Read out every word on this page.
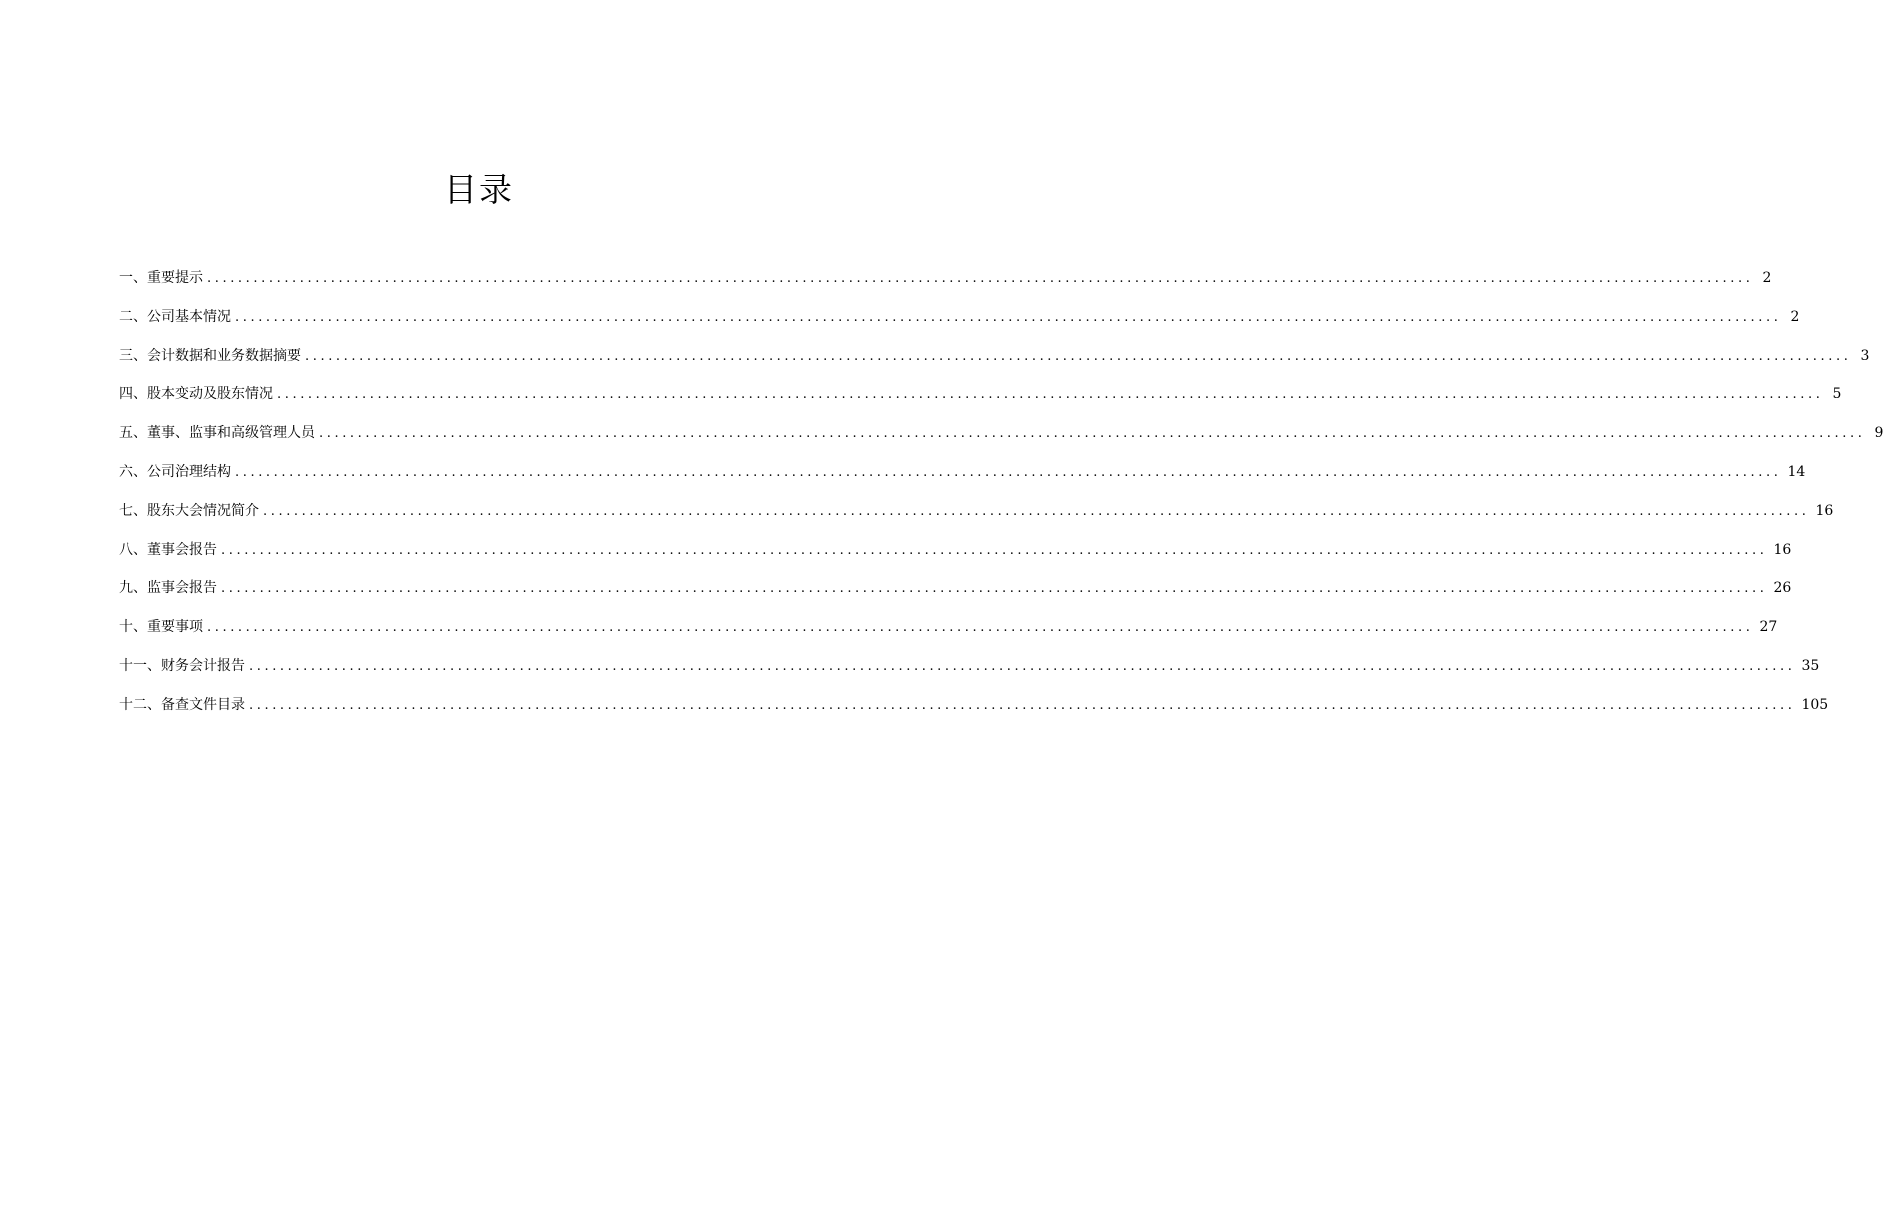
目录
一、重要提示 ........................................................................................................................................................................................................ 2
二、公司基本情况 ........................................................................................................................................................................................................ 2
三、会计数据和业务数据摘要 ........................................................................................................................................................................................................ 3
四、股本变动及股东情况 ........................................................................................................................................................................................................ 5
五、董事、监事和高级管理人员 ........................................................................................................................................................................................................ 9
六、公司治理结构 ........................................................................................................................................................................................................ 14
七、股东大会情况简介 ........................................................................................................................................................................................................ 16
八、董事会报告 ........................................................................................................................................................................................................ 16
九、监事会报告 ........................................................................................................................................................................................................ 26
十、重要事项 ........................................................................................................................................................................................................ 27
十一、财务会计报告 ........................................................................................................................................................................................................ 35
十二、备查文件目录 ........................................................................................................................................................................................................ 105
